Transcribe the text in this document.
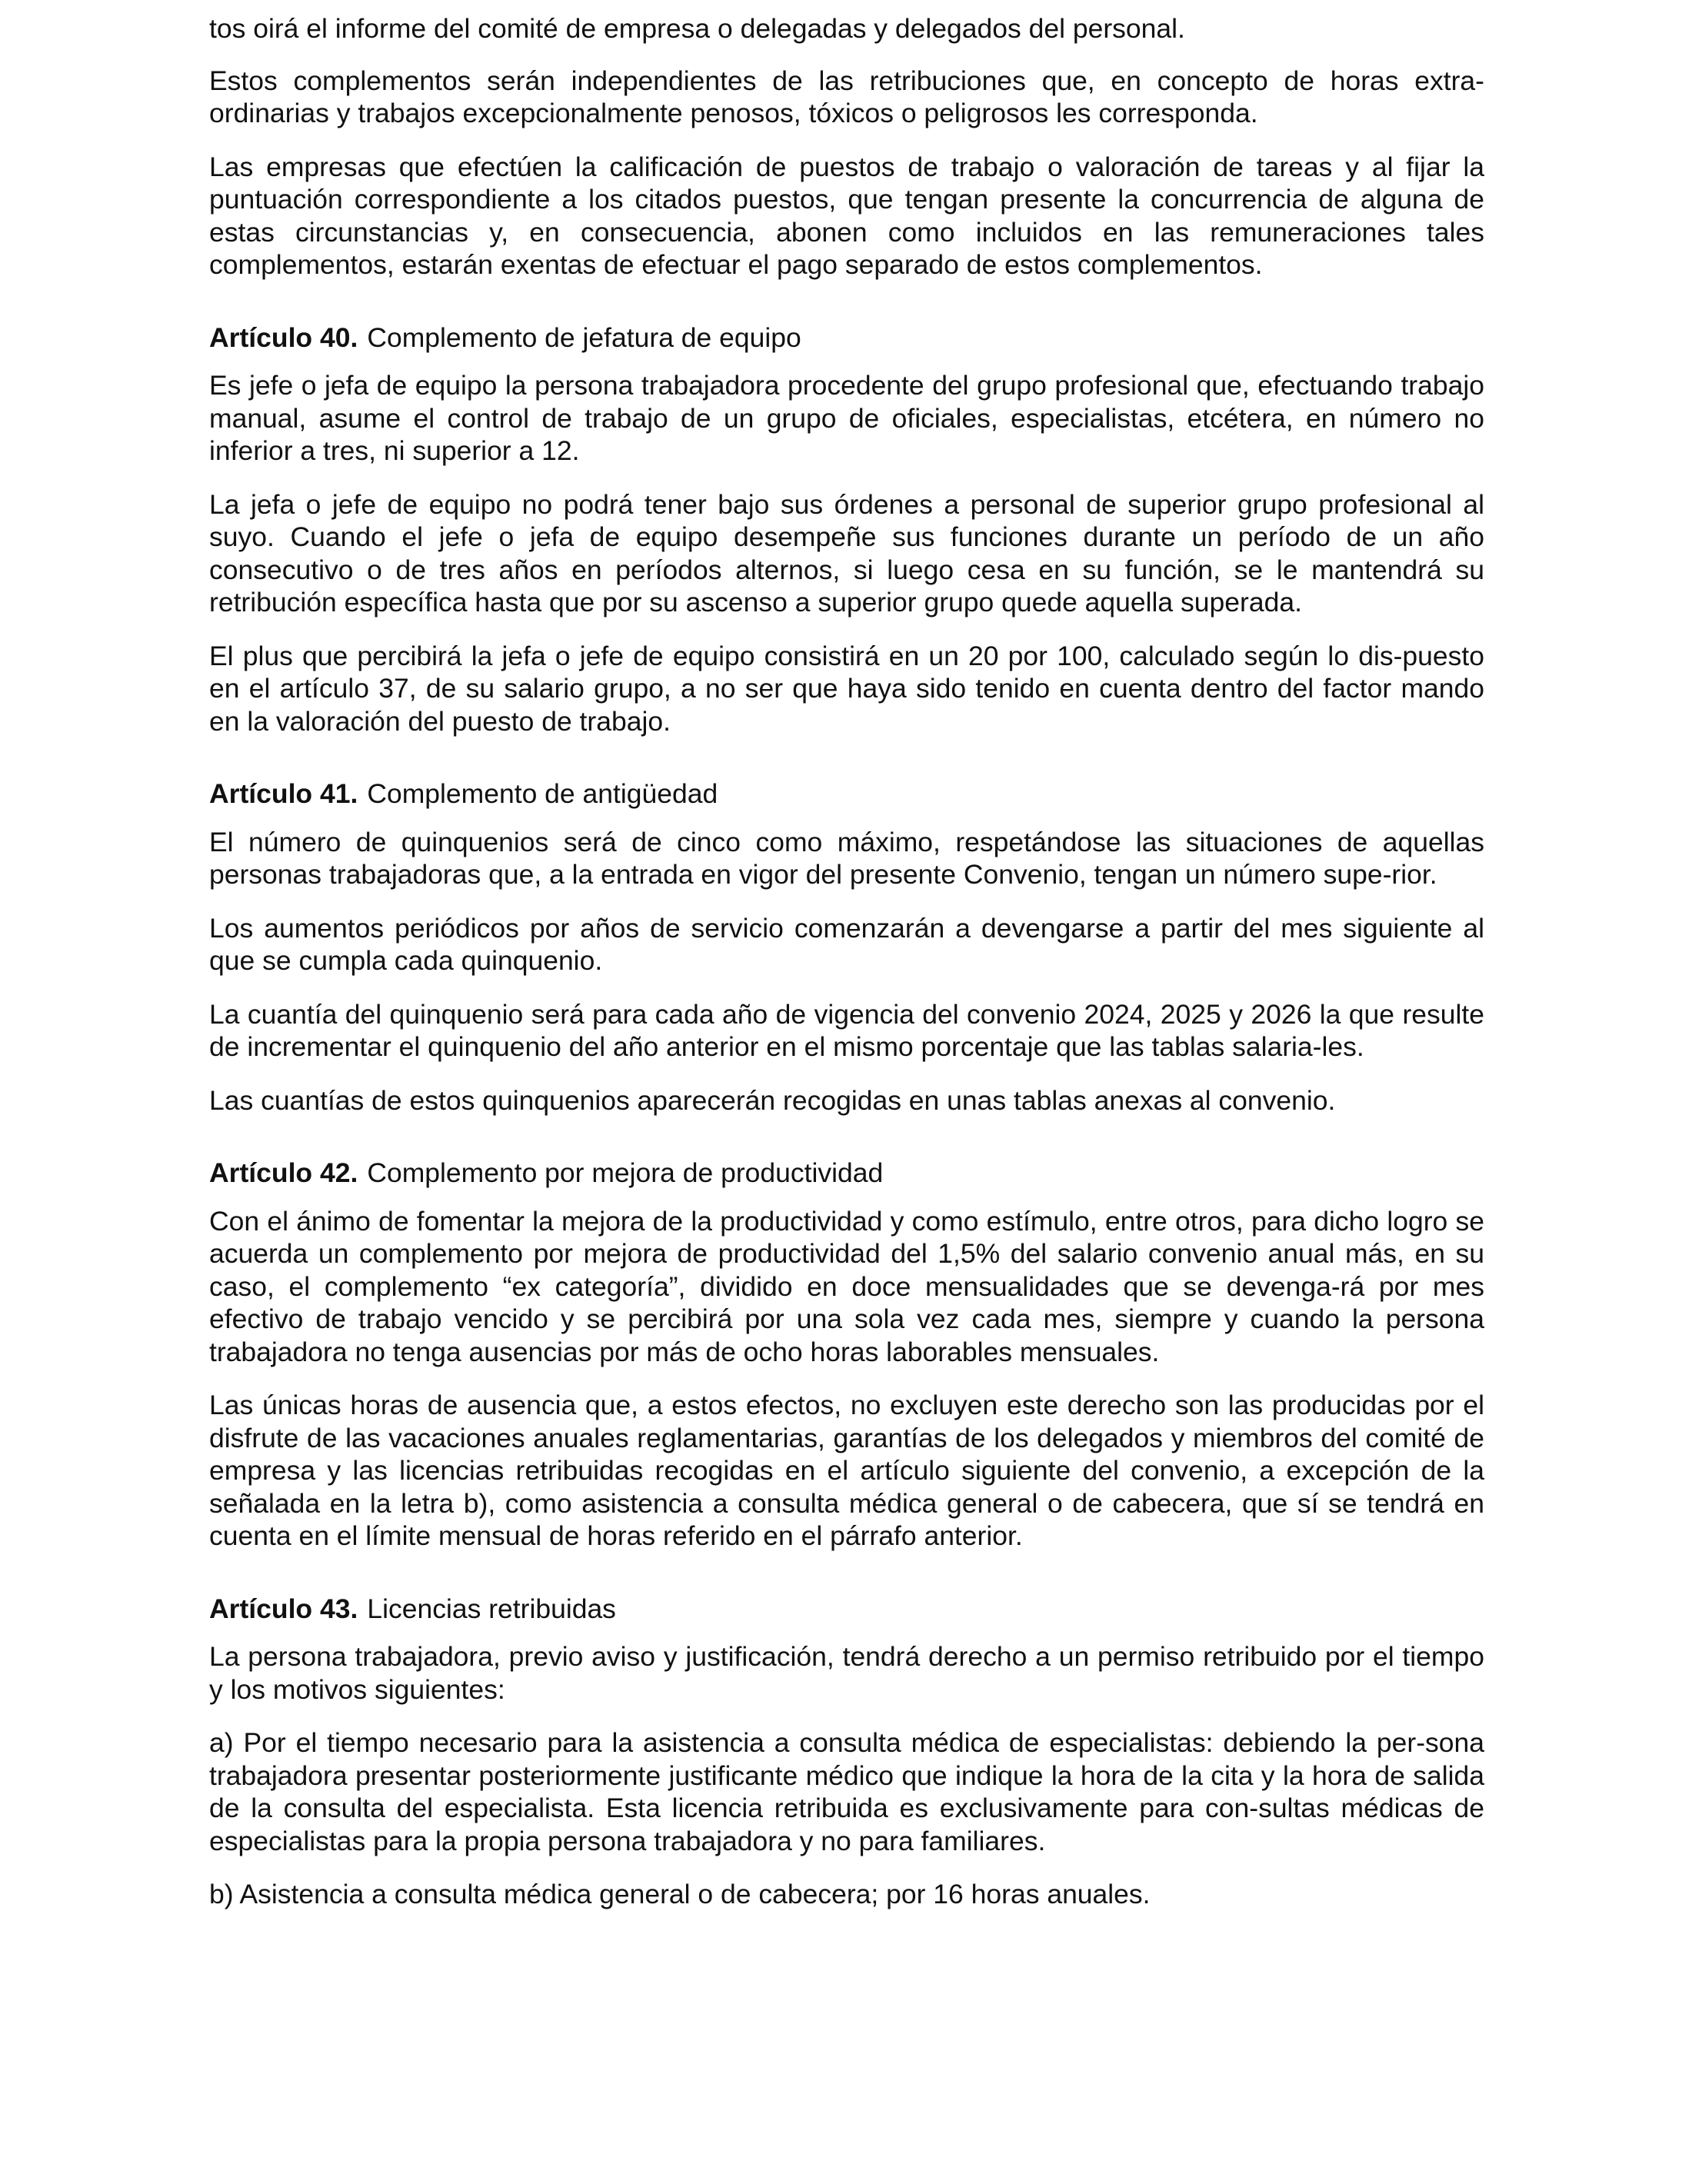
tos oirá el informe del comité de empresa o delegadas y delegados del personal.

Estos complementos serán independientes de las retribuciones que, en concepto de horas extra-ordinarias y trabajos excepcionalmente penosos, tóxicos o peligrosos les corresponda.

Las empresas que efectúen la calificación de puestos de trabajo o valoración de tareas y al fijar la puntuación correspondiente a los citados puestos, que tengan presente la concurrencia de alguna de estas circunstancias y, en consecuencia, abonen como incluidos en las remuneraciones tales complementos, estarán exentas de efectuar el pago separado de estos complementos.

Artículo 40. Complemento de jefatura de equipo

Es jefe o jefa de equipo la persona trabajadora procedente del grupo profesional que, efectuando trabajo manual, asume el control de trabajo de un grupo de oficiales, especialistas, etcétera, en número no inferior a tres, ni superior a 12.

La jefa o jefe de equipo no podrá tener bajo sus órdenes a personal de superior grupo profesional al suyo. Cuando el jefe o jefa de equipo desempeñe sus funciones durante un período de un año consecutivo o de tres años en períodos alternos, si luego cesa en su función, se le mantendrá su retribución específica hasta que por su ascenso a superior grupo quede aquella superada.

El plus que percibirá la jefa o jefe de equipo consistirá en un 20 por 100, calculado según lo dis-puesto en el artículo 37, de su salario grupo, a no ser que haya sido tenido en cuenta dentro del factor mando en la valoración del puesto de trabajo.

Artículo 41. Complemento de antigüedad

El número de quinquenios será de cinco como máximo, respetándose las situaciones de aquellas personas trabajadoras que, a la entrada en vigor del presente Convenio, tengan un número supe-rior.

Los aumentos periódicos por años de servicio comenzarán a devengarse a partir del mes siguiente al que se cumpla cada quinquenio.

La cuantía del quinquenio será para cada año de vigencia del convenio 2024, 2025 y 2026 la que resulte de incrementar el quinquenio del año anterior en el mismo porcentaje que las tablas salaria-les.

Las cuantías de estos quinquenios aparecerán recogidas en unas tablas anexas al convenio.

Artículo 42. Complemento por mejora de productividad

Con el ánimo de fomentar la mejora de la productividad y como estímulo, entre otros, para dicho logro se acuerda un complemento por mejora de productividad del 1,5% del salario convenio anual más, en su caso, el complemento “ex categoría”, dividido en doce mensualidades que se devenga-rá por mes efectivo de trabajo vencido y se percibirá por una sola vez cada mes, siempre y cuando la persona trabajadora no tenga ausencias por más de ocho horas laborables mensuales.

Las únicas horas de ausencia que, a estos efectos, no excluyen este derecho son las producidas por el disfrute de las vacaciones anuales reglamentarias, garantías de los delegados y miembros del comité de empresa y las licencias retribuidas recogidas en el artículo siguiente del convenio, a excepción de la señalada en la letra b), como asistencia a consulta médica general o de cabecera, que sí se tendrá en cuenta en el límite mensual de horas referido en el párrafo anterior.

Artículo 43. Licencias retribuidas

La persona trabajadora, previo aviso y justificación, tendrá derecho a un permiso retribuido por el tiempo y los motivos siguientes:

a) Por el tiempo necesario para la asistencia a consulta médica de especialistas: debiendo la per-sona trabajadora presentar posteriormente justificante médico que indique la hora de la cita y la hora de salida de la consulta del especialista. Esta licencia retribuida es exclusivamente para con-sultas médicas de especialistas para la propia persona trabajadora y no para familiares.

b) Asistencia a consulta médica general o de cabecera; por 16 horas anuales.
